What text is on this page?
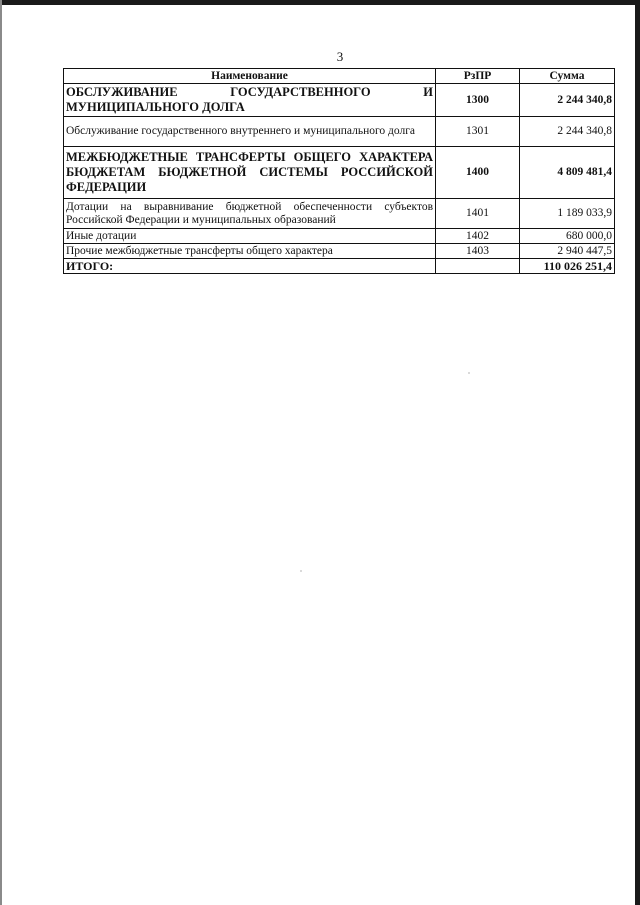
3
Наименование	РзПР	Сумма
ОБСЛУЖИВАНИЕ ГОСУДАРСТВЕННОГО И МУНИЦИПАЛЬНОГО ДОЛГА	1300	2 244 340,8
Обслуживание государственного внутреннего и муниципального долга	1301	2 244 340,8
МЕЖБЮДЖЕТНЫЕ ТРАНСФЕРТЫ ОБЩЕГО ХАРАКТЕРА БЮДЖЕТАМ БЮДЖЕТНОЙ СИСТЕМЫ РОССИЙСКОЙ ФЕДЕРАЦИИ	1400	4 809 481,4
Дотации на выравнивание бюджетной обеспеченности субъектов Российской Федерации и муниципальных образований	1401	1 189 033,9
Иные дотации	1402	680 000,0
Прочие межбюджетные трансферты общего характера	1403	2 940 447,5
ИТОГО:		110 026 251,4
